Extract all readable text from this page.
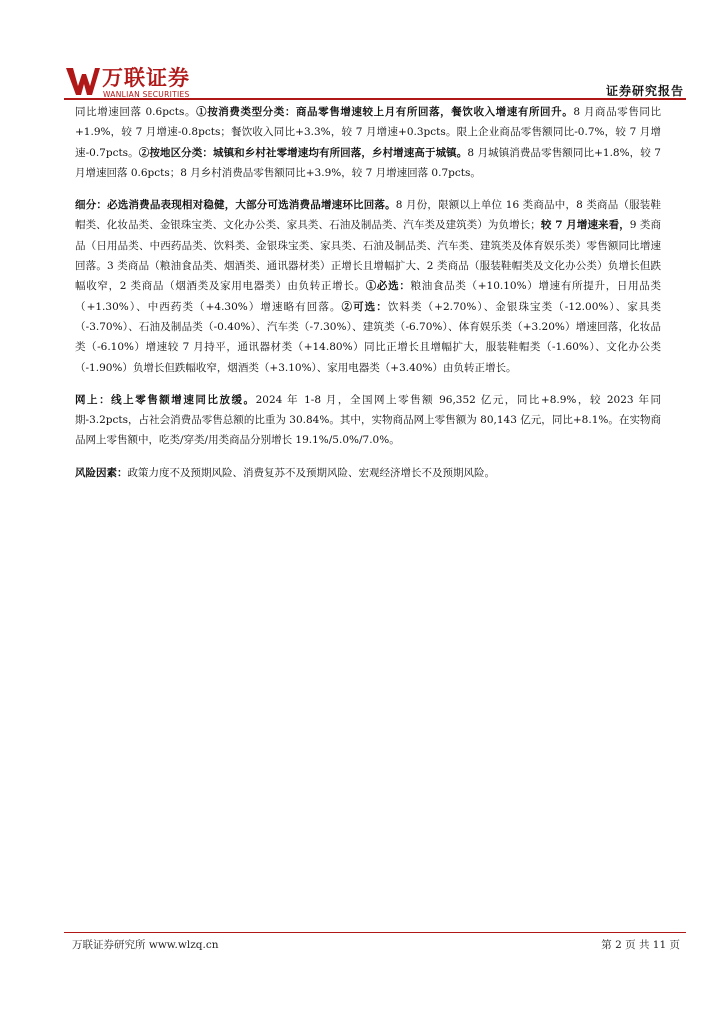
万联证券
WANLIAN SECURITIES	证券研究报告

同比增速回落 0.6pcts。①按消费类型分类：商品零售增速较上月有所回落，餐饮收入增速有所回升。8 月商品零售同比+1.9%，较 7 月增速-0.8pcts；餐饮收入同比+3.3%，较 7 月增速+0.3pcts。限上企业商品零售额同比-0.7%，较 7 月增速-0.7pcts。②按地区分类：城镇和乡村社零增速均有所回落，乡村增速高于城镇。8 月城镇消费品零售额同比+1.8%，较 7 月增速回落 0.6pcts；8 月乡村消费品零售额同比+3.9%，较 7 月增速回落 0.7pcts。

细分：必选消费品表现相对稳健，大部分可选消费品增速环比回落。8 月份，限额以上单位 16 类商品中，8 类商品（服装鞋帽类、化妆品类、金银珠宝类、文化办公类、家具类、石油及制品类、汽车类及建筑类）为负增长；较 7 月增速来看，9 类商品（日用品类、中西药品类、饮料类、金银珠宝类、家具类、石油及制品类、汽车类、建筑类及体育娱乐类）零售额同比增速回落。3 类商品（粮油食品类、烟酒类、通讯器材类）正增长且增幅扩大、2 类商品（服装鞋帽类及文化办公类）负增长但跌幅收窄，2 类商品（烟酒类及家用电器类）由负转正增长。①必选：粮油食品类（+10.10%）增速有所提升，日用品类（+1.30%）、中西药类（+4.30%）增速略有回落。②可选：饮料类（+2.70%）、金银珠宝类（-12.00%）、家具类（-3.70%）、石油及制品类（-0.40%）、汽车类（-7.30%）、建筑类（-6.70%）、体育娱乐类（+3.20%）增速回落，化妆品类（-6.10%）增速较 7 月持平，通讯器材类（+14.80%）同比正增长且增幅扩大，服装鞋帽类（-1.60%）、文化办公类（-1.90%）负增长但跌幅收窄，烟酒类（+3.10%）、家用电器类（+3.40%）由负转正增长。

网上：线上零售额增速同比放缓。2024 年 1-8 月，全国网上零售额 96,352 亿元，同比+8.9%，较 2023 年同期-3.2pcts，占社会消费品零售总额的比重为 30.84%。其中，实物商品网上零售额为 80,143 亿元，同比+8.1%。在实物商品网上零售额中，吃类/穿类/用类商品分别增长 19.1%/5.0%/7.0%。

风险因素：政策力度不及预期风险、消费复苏不及预期风险、宏观经济增长不及预期风险。

万联证券研究所 www.wlzq.cn	第 2 页 共 11 页
